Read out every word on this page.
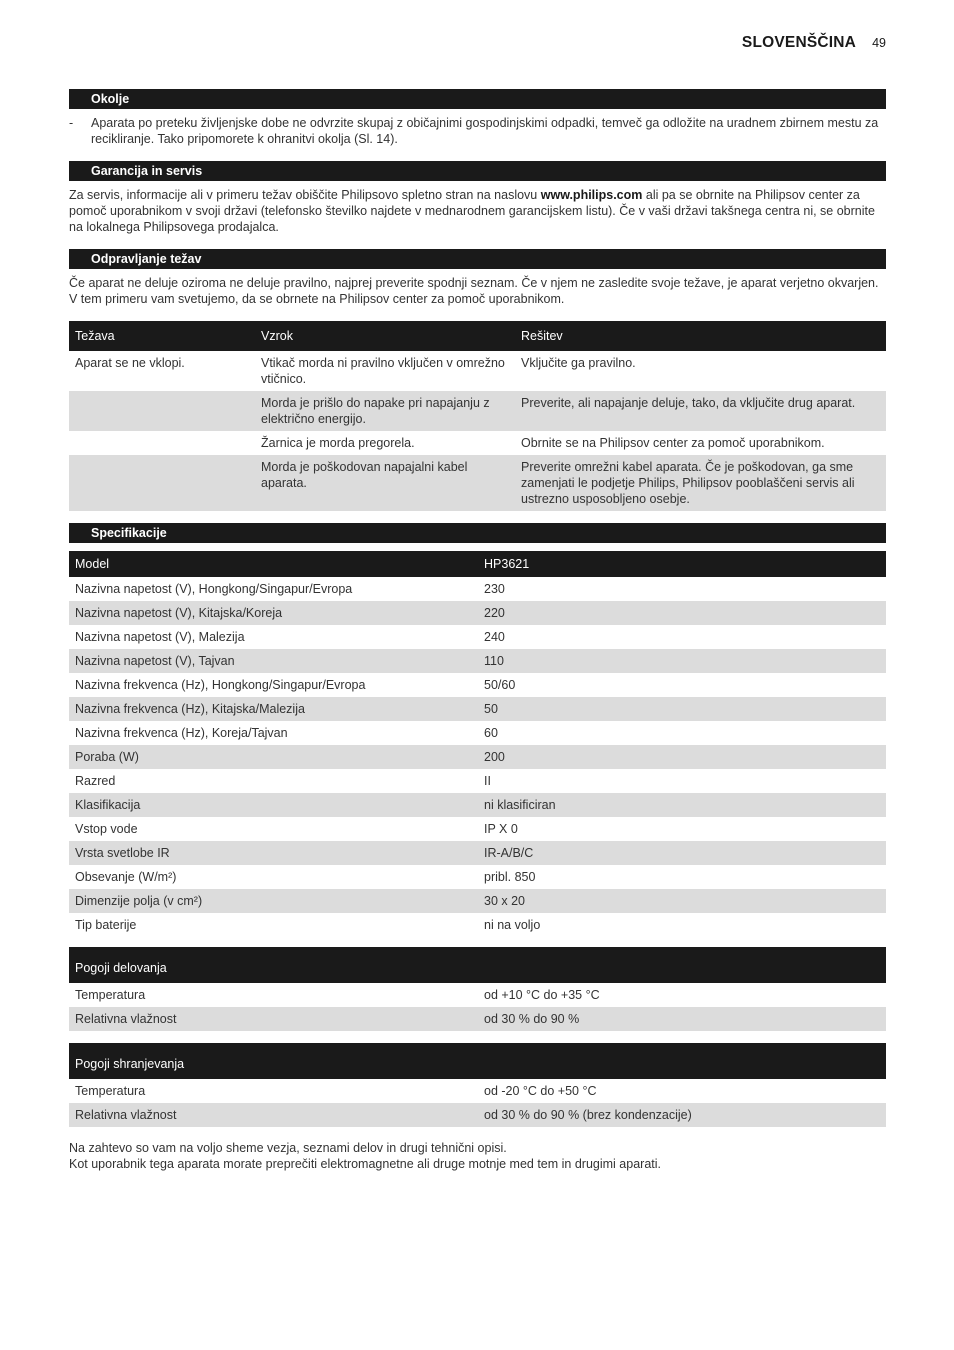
SLOVENŠČINA 49
Okolje
-	Aparata po preteku življenjske dobe ne odvrzite skupaj z običajnimi gospodinjskimi odpadki, temveč ga odložite na uradnem zbirnem mestu za recikliranje. Tako pripomorete k ohranitvi okolja (Sl. 14).
Garancija in servis
Za servis, informacije ali v primeru težav obiščite Philipsovo spletno stran na naslovu www.philips.com ali pa se obrnite na Philipsov center za pomoč uporabnikom v svoji državi (telefonsko številko najdete v mednarodnem garancijskem listu). Če v vaši državi takšnega centra ni, se obrnite na lokalnega Philipsovega prodajalca.
Odpravljanje težav
Če aparat ne deluje oziroma ne deluje pravilno, najprej preverite spodnji seznam. Če v njem ne zasledite svoje težave, je aparat verjetno okvarjen. V tem primeru vam svetujemo, da se obrnete na Philipsov center za pomoč uporabnikom.
Težava	Vzrok	Rešitev
Aparat se ne vklopi.	Vtikač morda ni pravilno vključen v omrežno vtičnico.	Vključite ga pravilno.
	Morda je prišlo do napake pri napajanju z električno energijo.	Preverite, ali napajanje deluje, tako, da vključite drug aparat.
	Žarnica je morda pregorela.	Obrnite se na Philipsov center za pomoč uporabnikom.
	Morda je poškodovan napajalni kabel aparata.	Preverite omrežni kabel aparata. Če je poškodovan, ga sme zamenjati le podjetje Philips, Philipsov pooblaščeni servis ali ustrezno usposobljeno osebje.
Specifikacije
Model	HP3621
Nazivna napetost (V), Hongkong/Singapur/Evropa	230
Nazivna napetost (V), Kitajska/Koreja	220
Nazivna napetost (V), Malezija	240
Nazivna napetost (V), Tajvan	110
Nazivna frekvenca (Hz), Hongkong/Singapur/Evropa	50/60
Nazivna frekvenca (Hz), Kitajska/Malezija	50
Nazivna frekvenca (Hz), Koreja/Tajvan	60
Poraba (W)	200
Razred	II
Klasifikacija	ni klasificiran
Vstop vode	IP X 0
Vrsta svetlobe IR	IR-A/B/C
Obsevanje (W/m²)	pribl. 850
Dimenzije polja (v cm²)	30 x 20
Tip baterije	ni na voljo
Pogoji delovanja	
Temperatura	od +10 °C do +35 °C
Relativna vlažnost	od 30 % do 90 %
Pogoji shranjevanja	
Temperatura	od -20 °C do +50 °C
Relativna vlažnost	od 30 % do 90 % (brez kondenzacije)
Na zahtevo so vam na voljo sheme vezja, seznami delov in drugi tehnični opisi.
Kot uporabnik tega aparata morate preprečiti elektromagnetne ali druge motnje med tem in drugimi aparati.
